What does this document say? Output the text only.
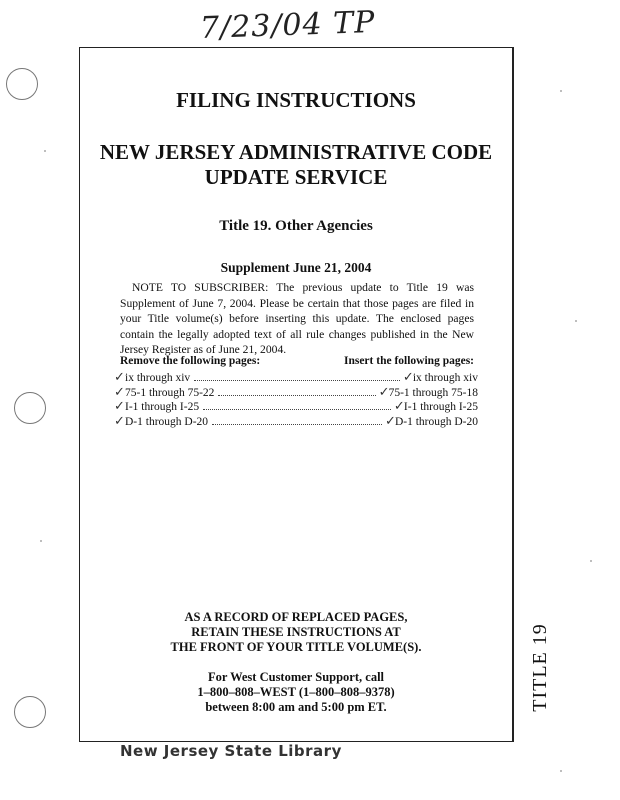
7/23/04 TP
FILING INSTRUCTIONS
NEW JERSEY ADMINISTRATIVE CODE
UPDATE SERVICE
Title 19. Other Agencies
Supplement June 21, 2004

NOTE TO SUBSCRIBER: The previous update to Title 19 was Supplement of June 7, 2004. Please be certain that those pages are filed in your Title volume(s) before inserting this update. The enclosed pages contain the legally adopted text of all rule changes published in the New Jersey Register as of June 21, 2004.

Remove the following pages:	Insert the following pages:
✓ ix through xiv	✓ ix through xiv
✓ 75-1 through 75-22	✓ 75-1 through 75-18
✓ I-1 through I-25	✓ I-1 through I-25
✓ D-1 through D-20	✓ D-1 through D-20
AS A RECORD OF REPLACED PAGES,
RETAIN THESE INSTRUCTIONS AT
THE FRONT OF YOUR TITLE VOLUME(S).
For West Customer Support, call
1–800–808–WEST (1–800–808–9378)
between 8:00 am and 5:00 pm ET.	TITLE 19
New Jersey State Library
